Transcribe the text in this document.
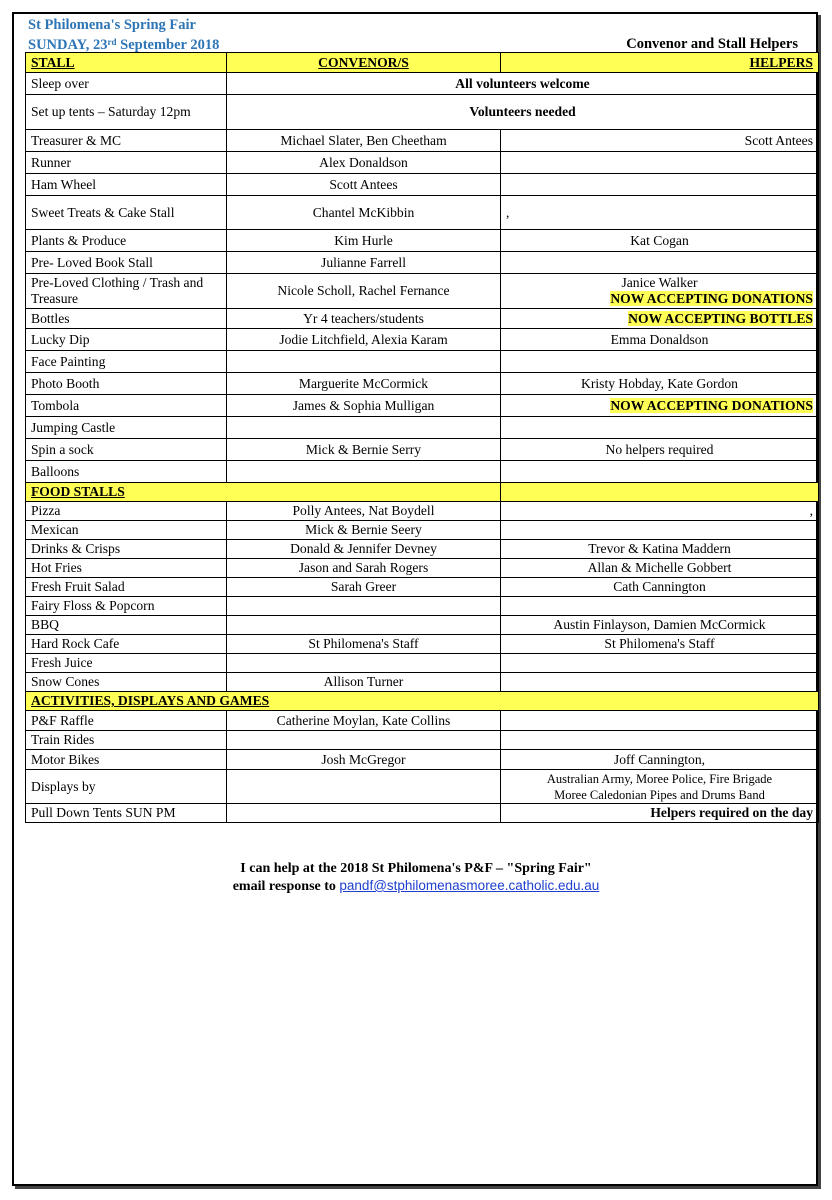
St Philomena's Spring Fair
SUNDAY, 23rd September 2018	Convenor and Stall Helpers
STALL	CONVENOR/S	HELPERS
Sleep over	All volunteers welcome	
Set up tents – Saturday 12pm	Volunteers needed	
Treasurer & MC	Michael Slater, Ben Cheetham	Scott Antees
Runner	Alex Donaldson	
Ham Wheel	Scott Antees	
Sweet Treats & Cake Stall	Chantel McKibbin	,
Plants & Produce	Kim Hurle	Kat Cogan
Pre- Loved Book Stall	Julianne Farrell	
Pre-Loved Clothing / Trash and Treasure	Nicole Scholl, Rachel Fernance	Janice Walker
NOW ACCEPTING DONATIONS

Bottles	Yr 4 teachers/students	NOW ACCEPTING BOTTLES
Lucky Dip	Jodie Litchfield, Alexia Karam	Emma Donaldson
Face Painting		
Photo Booth	Marguerite McCormick	Kristy Hobday, Kate Gordon
Tombola	James & Sophia Mulligan	NOW ACCEPTING DONATIONS
Jumping Castle		
Spin a sock	Mick & Bernie Serry	No helpers required
Balloons		
FOOD STALLS		
Pizza	Polly Antees, Nat Boydell	,
Mexican	Mick & Bernie Seery	
Drinks & Crisps	Donald & Jennifer Devney	Trevor & Katina Maddern
Hot Fries	Jason and Sarah Rogers	Allan & Michelle Gobbert
Fresh Fruit Salad	Sarah Greer	Cath Cannington
Fairy Floss & Popcorn		
BBQ		Austin Finlayson, Damien McCormick
Hard Rock Cafe	St Philomena's Staff	St Philomena's Staff
Fresh Juice		
Snow Cones	Allison Turner	
ACTIVITIES, DISPLAYS AND GAMES		
P&F Raffle	Catherine Moylan, Kate Collins	
Train Rides		
Motor Bikes	Josh McGregor	Joff Cannington,
Displays by		Australian Army, Moree Police, Fire Brigade
Moree Caledonian Pipes and Drums Band

Pull Down Tents SUN PM		Helpers required on the day
I can help at the 2018 St Philomena's P&F – "Spring Fair"
email response to pandf@stphilomenasmoree.catholic.edu.au
